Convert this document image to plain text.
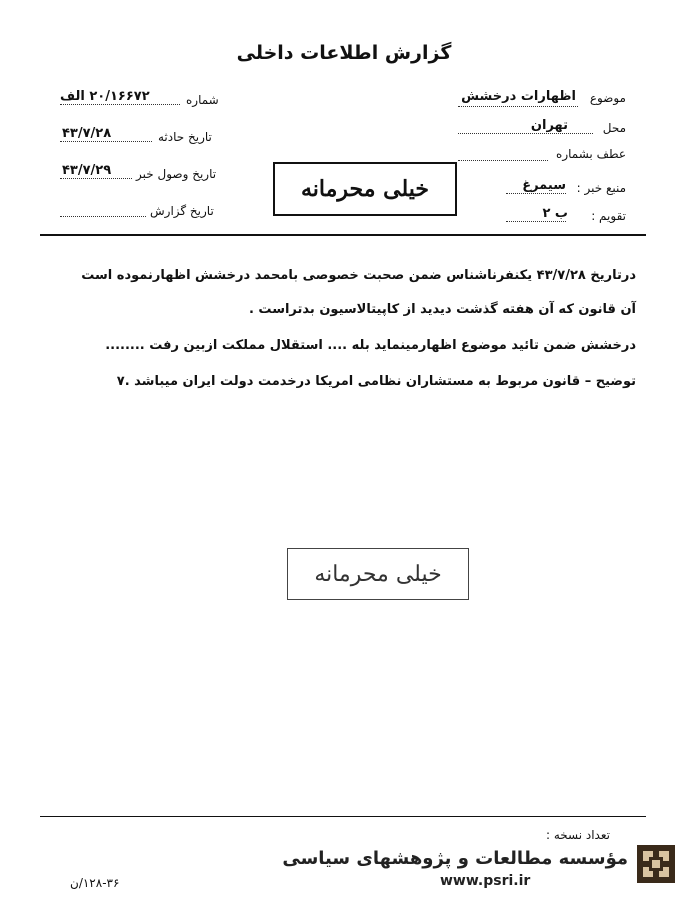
گزارش اطلاعات داخلی
موضوع
اظهارات درخشش
محل
تهران
عطف بشماره
منبع خبر :
سیمرغ
تقویم :
ب ۲
شماره
۲۰/۱۶۶۷۲ الف
تاریخ حادثه
۴۳/۷/۲۸
تاریخ وصول خبر
۴۳/۷/۲۹
تاریخ گزارش
خیلی محرمانه
درتاریخ ۴۳/۷/۲۸ یکنفرناشناس ضمن صحبت خصوصی بامحمد درخشش اظهارنموده است
آن قانون که آن هفته گذشت دیدید از کاپیتالاسیون بدتراست .
درخشش ضمن تائید موضوع اظهارمینماید بله .... استقلال مملکت ازبین رفت ........
توضیح – قانون مربوط به مستشاران نظامی امریکا درخدمت دولت ایران میباشد .۷
خیلی محرمانه
تعداد نسخه :
۱۲۸-۳۶/ن
مؤسسه مطالعات و پژوهشهای سیاسی
www.psri.ir
